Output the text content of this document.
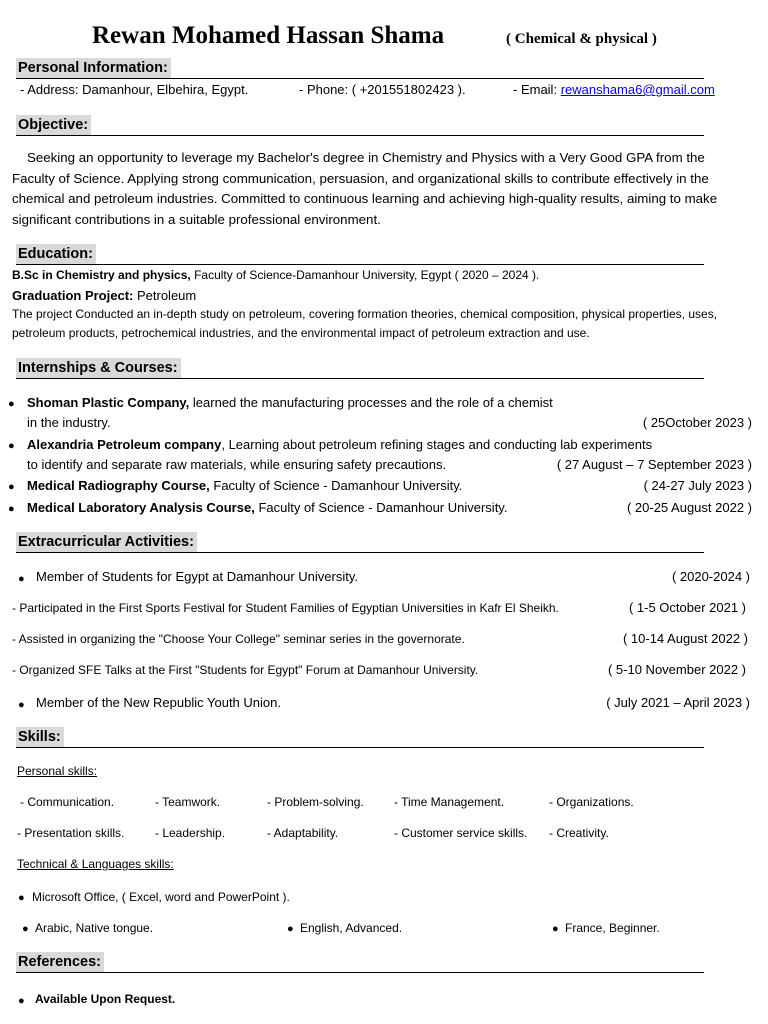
Rewan Mohamed Hassan Shama	( Chemical & physical )
Personal Information:
- Address: Damanhour, Elbehira, Egypt.	- Phone: ( +201551802423 ).	- Email: rewanshama6@gmail.com
Objective:
Seeking an opportunity to leverage my Bachelor's degree in Chemistry and Physics with a Very Good GPA from the Faculty of Science. Applying strong communication, persuasion, and organizational skills to contribute effectively in the chemical and petroleum industries. Committed to continuous learning and achieving high-quality results, aiming to make significant contributions in a suitable professional environment.
Education:
B.Sc in Chemistry and physics, Faculty of Science-Damanhour University, Egypt ( 2020 – 2024 ).
Graduation Project: Petroleum
The project Conducted an in-depth study on petroleum, covering formation theories, chemical composition, physical properties, uses, petroleum products, petrochemical industries, and the environmental impact of petroleum extraction and use.
Internships & Courses:
● Shoman Plastic Company, learned the manufacturing processes and the role of a chemist
in the industry.	( 25October 2023 )
● Alexandria Petroleum company, Learning about petroleum refining stages and conducting lab experiments
to identify and separate raw materials, while ensuring safety precautions.	( 27 August – 7 September 2023 )
● Medical Radiography Course, Faculty of Science - Damanhour University.	( 24-27 July 2023 )
● Medical Laboratory Analysis Course, Faculty of Science - Damanhour University.	( 20-25 August 2022 )
Extracurricular Activities:
● Member of Students for Egypt at Damanhour University.	( 2020-2024 )
- Participated in the First Sports Festival for Student Families of Egyptian Universities in Kafr El Sheikh.	( 1-5 October 2021 )
- Assisted in organizing the "Choose Your College" seminar series in the governorate.	( 10-14 August 2022 )
- Organized SFE Talks at the First "Students for Egypt" Forum at Damanhour University.	( 5-10 November 2022 )
● Member of the New Republic Youth Union.	( July 2021 – April 2023 )
Skills:
Personal skills:
- Communication.	- Teamwork.	- Problem-solving.	- Time Management.	- Organizations.
- Presentation skills.	- Leadership.	- Adaptability.	- Customer service skills. - Creativity.
Technical & Languages skills:
● Microsoft Office, ( Excel, word and PowerPoint ).
● Arabic, Native tongue.	● English, Advanced.	● France, Beginner.
References:
● Available Upon Request.
